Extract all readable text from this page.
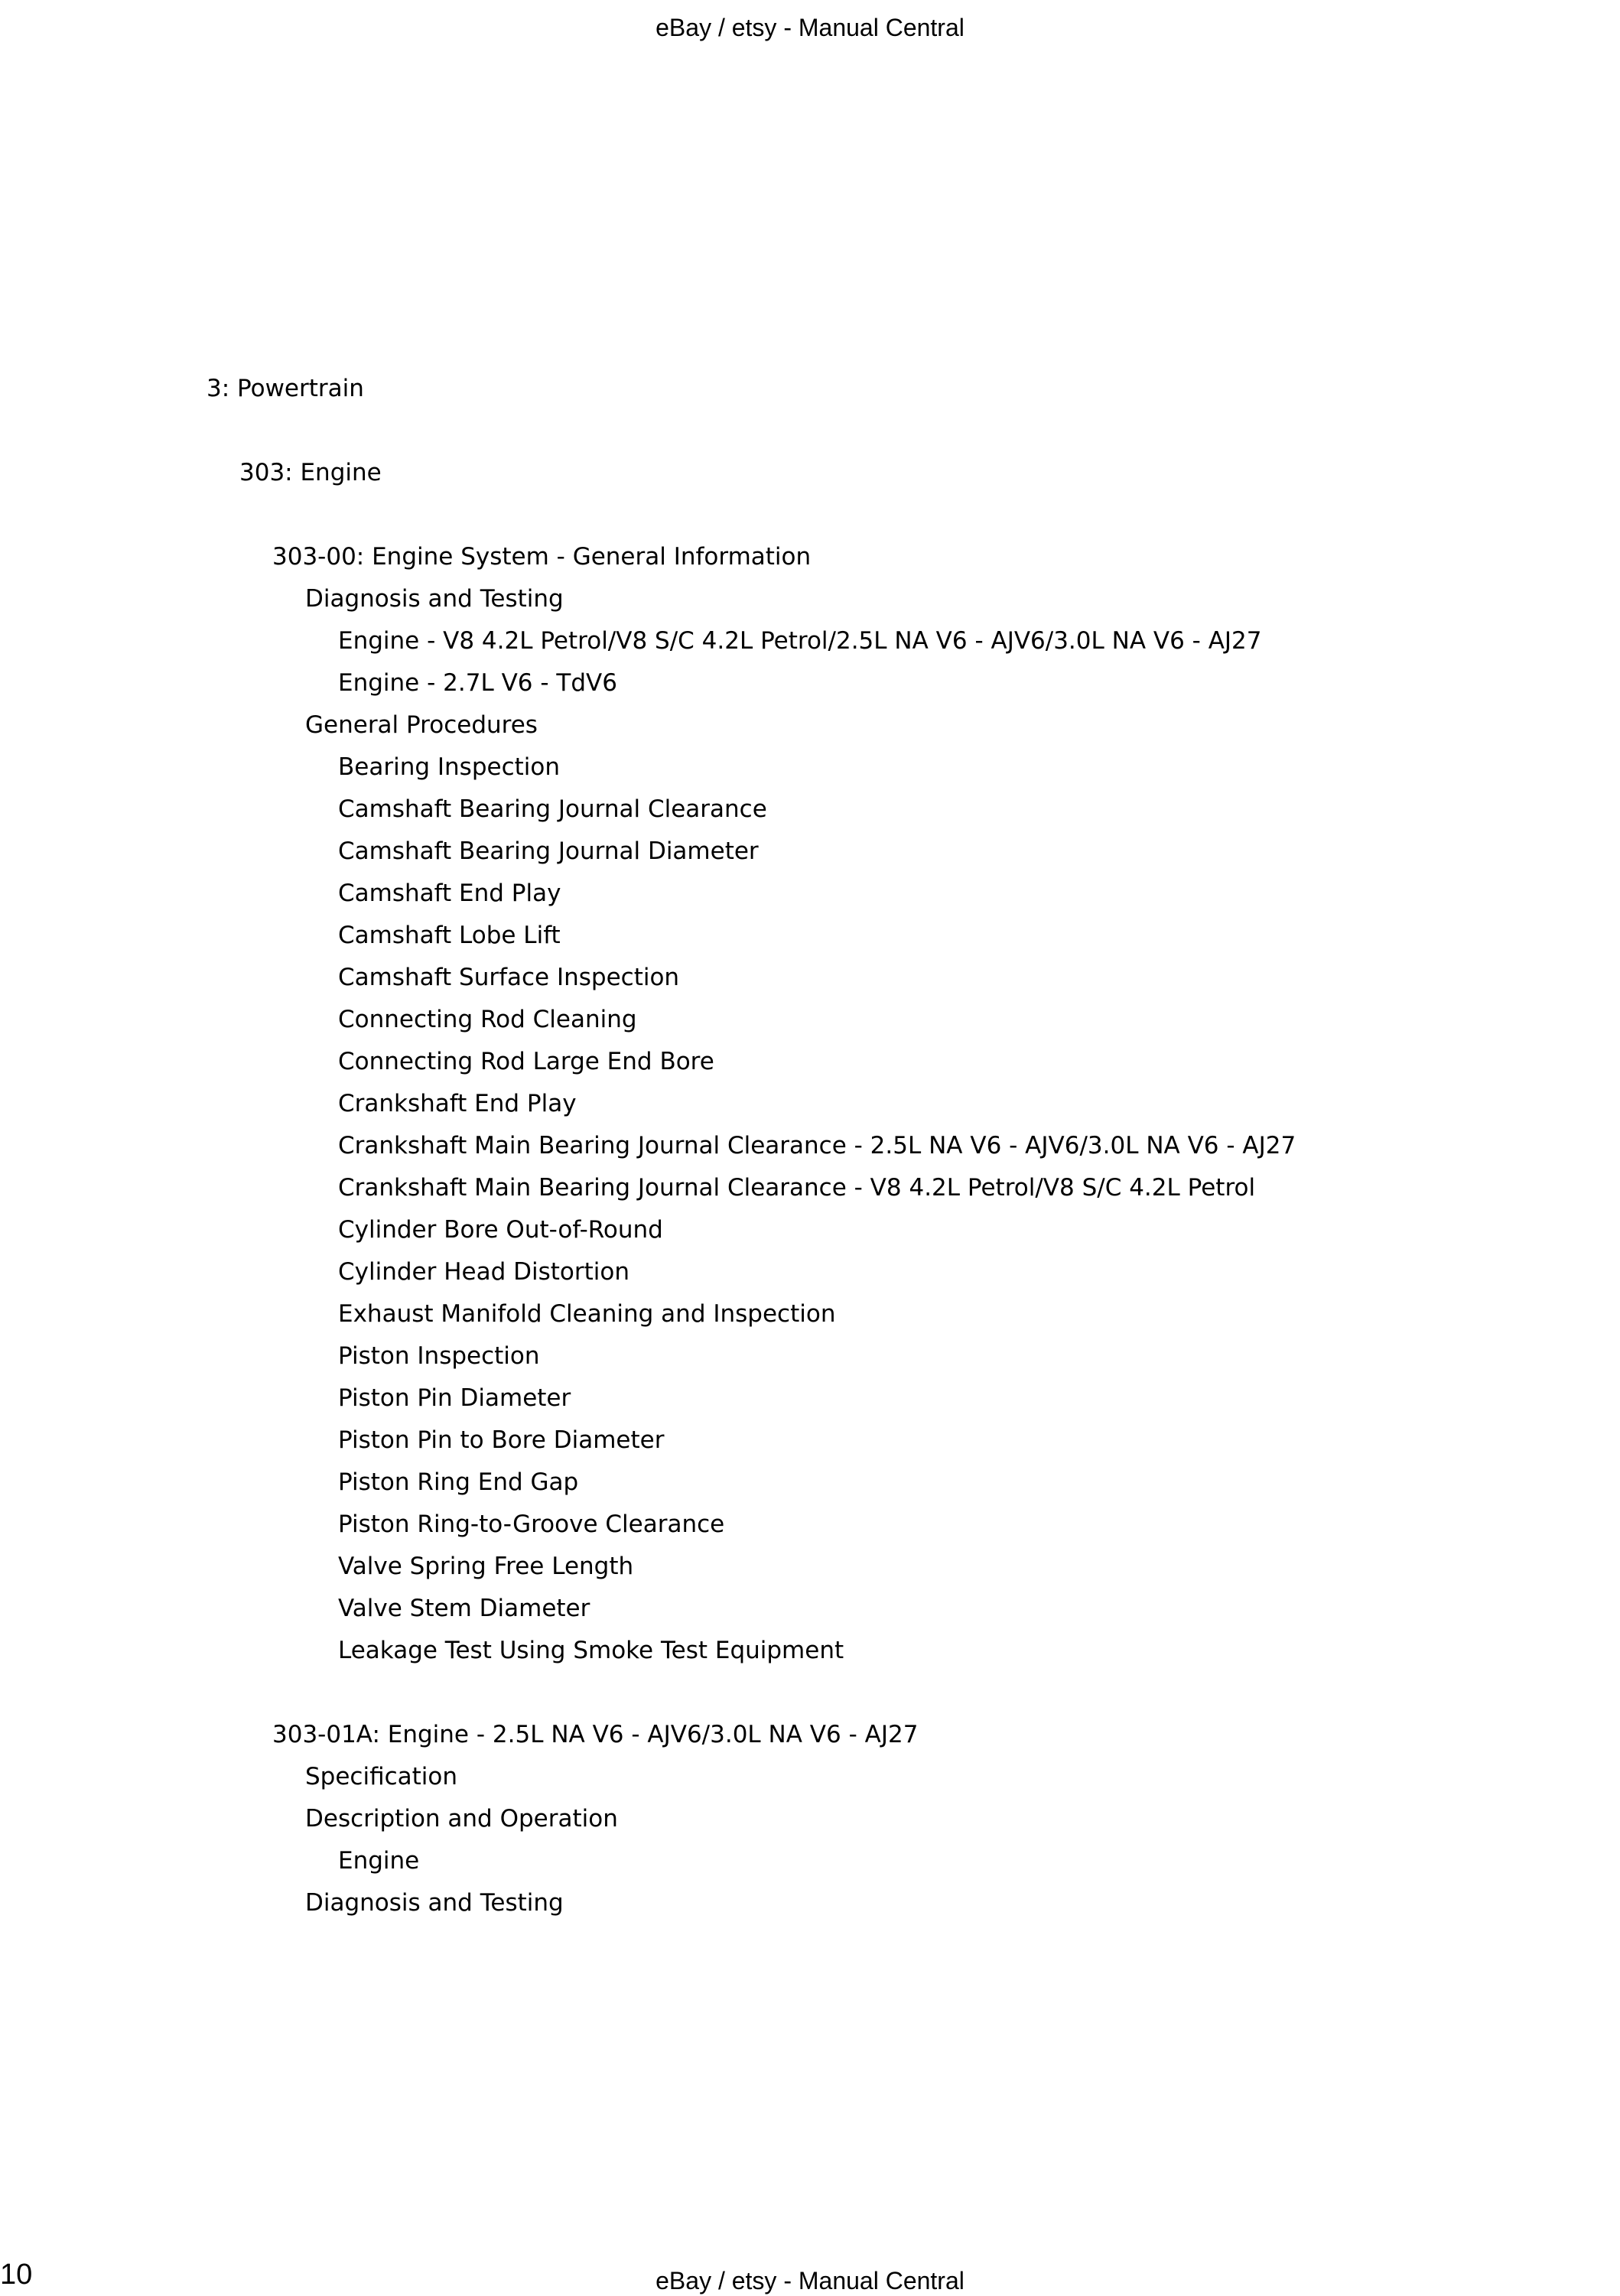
eBay / etsy - Manual Central
3: Powertrain
303: Engine
303-00: Engine System - General Information
Diagnosis and Testing
Engine - V8 4.2L Petrol/V8 S/C 4.2L Petrol/2.5L NA V6 - AJV6/3.0L NA V6 - AJ27
Engine - 2.7L V6 - TdV6
General Procedures
Bearing Inspection
Camshaft Bearing Journal Clearance
Camshaft Bearing Journal Diameter
Camshaft End Play
Camshaft Lobe Lift
Camshaft Surface Inspection
Connecting Rod Cleaning
Connecting Rod Large End Bore
Crankshaft End Play
Crankshaft Main Bearing Journal Clearance - 2.5L NA V6 - AJV6/3.0L NA V6 - AJ27
Crankshaft Main Bearing Journal Clearance - V8 4.2L Petrol/V8 S/C 4.2L Petrol
Cylinder Bore Out-of-Round
Cylinder Head Distortion
Exhaust Manifold Cleaning and Inspection
Piston Inspection
Piston Pin Diameter
Piston Pin to Bore Diameter
Piston Ring End Gap
Piston Ring-to-Groove Clearance
Valve Spring Free Length
Valve Stem Diameter
Leakage Test Using Smoke Test Equipment
303-01A: Engine - 2.5L NA V6 - AJV6/3.0L NA V6 - AJ27
Specification
Description and Operation
Engine
Diagnosis and Testing
10	eBay / etsy - Manual Central
